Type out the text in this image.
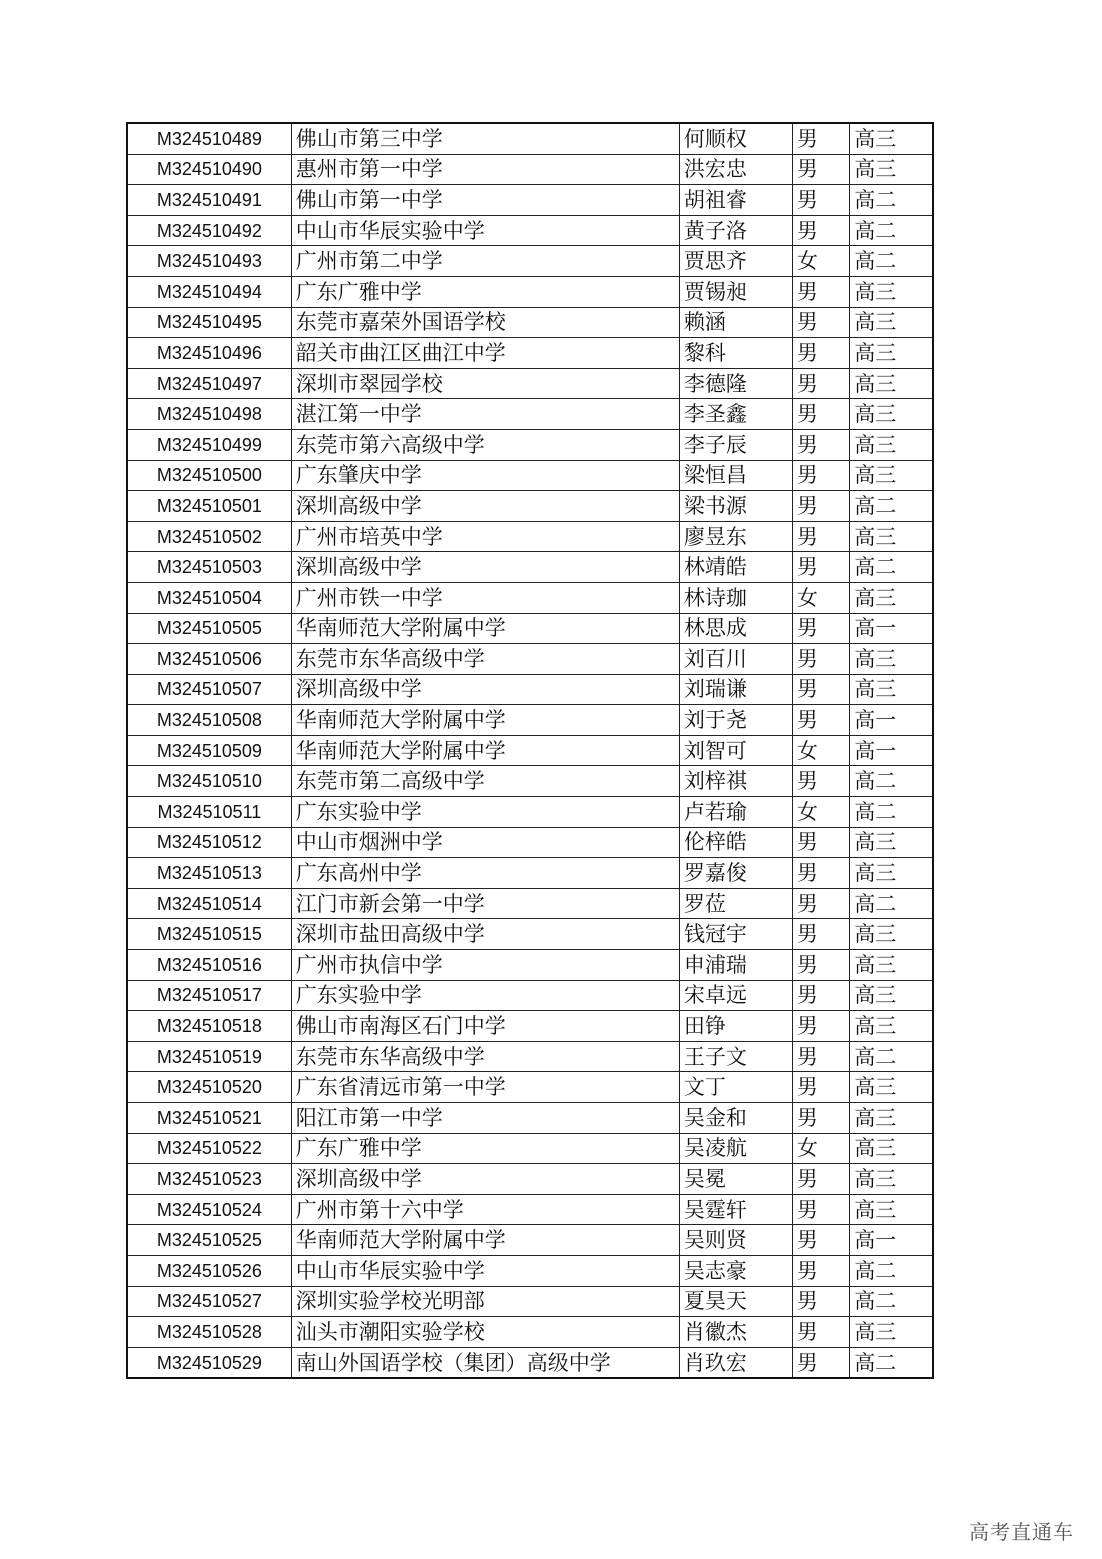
M324510489	佛山市第三中学	何顺权	男	高三
M324510490	惠州市第一中学	洪宏忠	男	高三
M324510491	佛山市第一中学	胡祖睿	男	高二
M324510492	中山市华辰实验中学	黄子洛	男	高二
M324510493	广州市第二中学	贾思齐	女	高二
M324510494	广东广雅中学	贾锡昶	男	高三
M324510495	东莞市嘉荣外国语学校	赖涵	男	高三
M324510496	韶关市曲江区曲江中学	黎科	男	高三
M324510497	深圳市翠园学校	李德隆	男	高三
M324510498	湛江第一中学	李圣鑫	男	高三
M324510499	东莞市第六高级中学	李子辰	男	高三
M324510500	广东肇庆中学	梁恒昌	男	高三
M324510501	深圳高级中学	梁书源	男	高二
M324510502	广州市培英中学	廖昱东	男	高三
M324510503	深圳高级中学	林靖皓	男	高二
M324510504	广州市铁一中学	林诗珈	女	高三
M324510505	华南师范大学附属中学	林思成	男	高一
M324510506	东莞市东华高级中学	刘百川	男	高三
M324510507	深圳高级中学	刘瑞谦	男	高三
M324510508	华南师范大学附属中学	刘于尧	男	高一
M324510509	华南师范大学附属中学	刘智可	女	高一
M324510510	东莞市第二高级中学	刘梓祺	男	高二
M324510511	广东实验中学	卢若瑜	女	高二
M324510512	中山市烟洲中学	伦梓皓	男	高三
M324510513	广东高州中学	罗嘉俊	男	高三
M324510514	江门市新会第一中学	罗莅	男	高二
M324510515	深圳市盐田高级中学	钱冠宇	男	高三
M324510516	广州市执信中学	申浦瑞	男	高三
M324510517	广东实验中学	宋卓远	男	高三
M324510518	佛山市南海区石门中学	田铮	男	高三
M324510519	东莞市东华高级中学	王子文	男	高二
M324510520	广东省清远市第一中学	文丁	男	高三
M324510521	阳江市第一中学	吴金和	男	高三
M324510522	广东广雅中学	吴凌航	女	高三
M324510523	深圳高级中学	吴冕	男	高三
M324510524	广州市第十六中学	吴霆轩	男	高三
M324510525	华南师范大学附属中学	吴则贤	男	高一
M324510526	中山市华辰实验中学	吴志豪	男	高二
M324510527	深圳实验学校光明部	夏昊天	男	高二
M324510528	汕头市潮阳实验学校	肖徽杰	男	高三
M324510529	南山外国语学校（集团）高级中学	肖玖宏	男	高二
高考直通车
